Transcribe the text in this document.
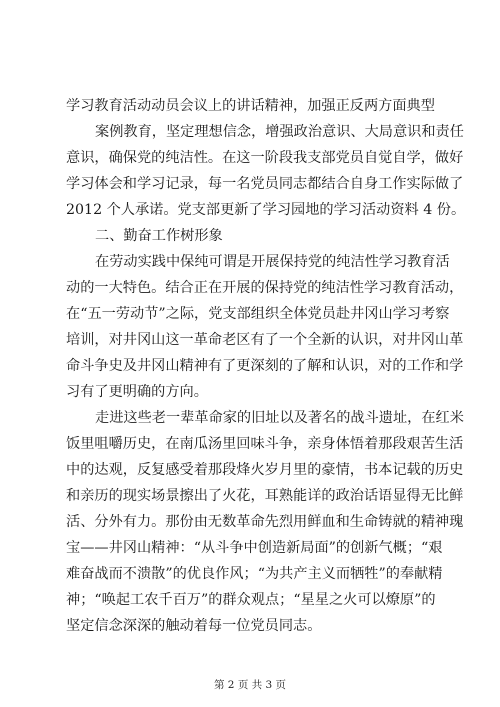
学习教育活动动员会议上的讲话精神，加强正反两方面典型
案例教育，坚定理想信念，增强政治意识、大局意识和责任
意识，确保党的纯洁性。在这一阶段我支部党员自觉自学，做好
学习体会和学习记录，每一名党员同志都结合自身工作实际做了
2012 个人承诺。党支部更新了学习园地的学习活动资料 4 份。
二、勤奋工作树形象
在劳动实践中保纯可谓是开展保持党的纯洁性学习教育活
动的一大特色。结合正在开展的保持党的纯洁性学习教育活动，
在“五一劳动节”之际，党支部组织全体党员赴井冈山学习考察
培训，对井冈山这一革命老区有了一个全新的认识，对井冈山革
命斗争史及井冈山精神有了更深刻的了解和认识，对的工作和学
习有了更明确的方向。
走进这些老一辈革命家的旧址以及著名的战斗遗址，在红米
饭里咀嚼历史，在南瓜汤里回味斗争，亲身体悟着那段艰苦生活
中的达观，反复感受着那段烽火岁月里的豪情，书本记载的历史
和亲历的现实场景擦出了火花，耳熟能详的政治话语显得无比鲜
活、分外有力。那份由无数革命先烈用鲜血和生命铸就的精神瑰
宝——井冈山精神：“从斗争中创造新局面”的创新气概；“艰
难奋战而不溃散”的优良作风；“为共产主义而牺牲”的奉献精
神；“唤起工农千百万”的群众观点；“星星之火可以燎原”的
坚定信念深深的触动着每一位党员同志。
第 2 页 共 3 页
